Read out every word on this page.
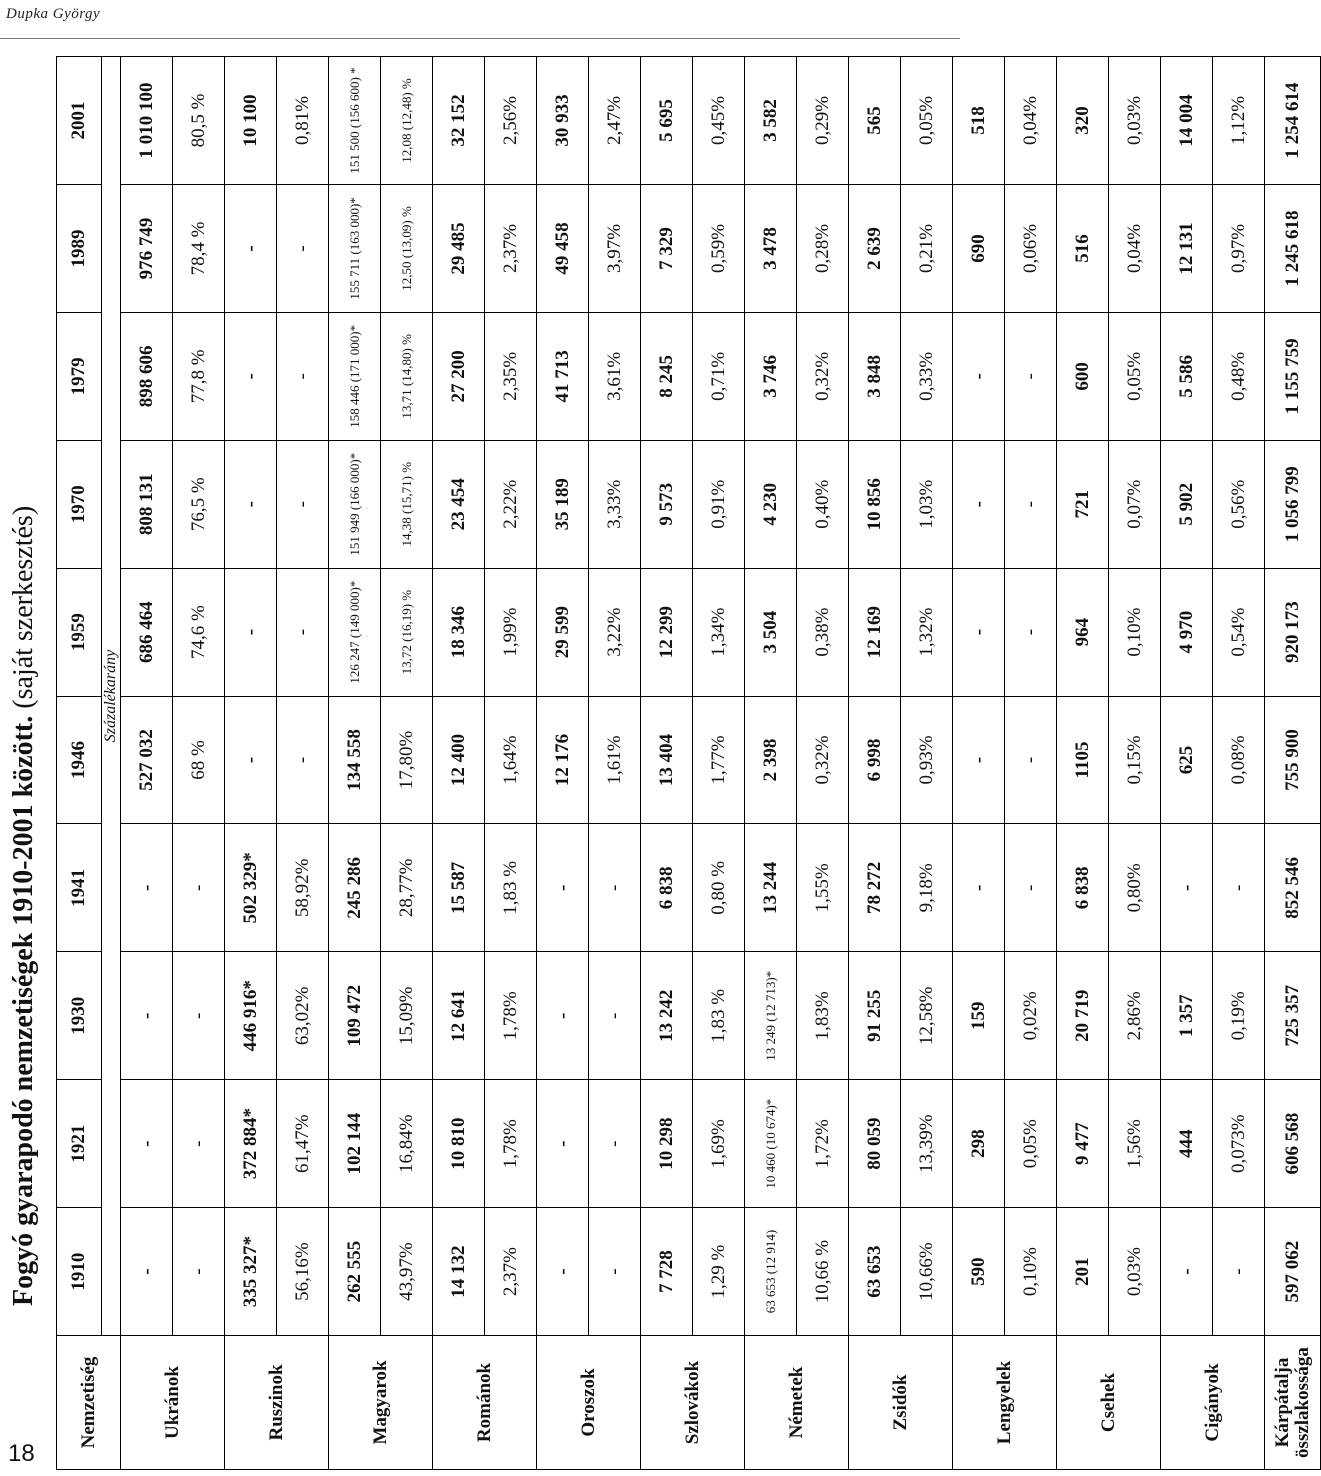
Dupka György
18
Fogyó gyarapodó nemzetiségek 1910-2001 között. (saját szerkesztés)
Nemzetiség	1910	1921	1930	1941	1946	1959	1970	1979	1989	2001
	Százalékarány									
Ukránok	-	-	-	-	527 032	686 464	808 131	898 606	976 749	1 010 100
	-	-	-	-	68 %	74,6 %	76,5 %	77,8 %	78,4 %	80,5 %
Ruszinok	335 327*	372 884*	446 916*	502 329*	-	-	-	-	-	10 100
	56,16%	61,47%	63,02%	58,92%	-	-	-	-	-	0,81%
Magyarok	262 555	102 144	109 472	245 286	134 558	126 247 (149 000)*	151 949 (166 000)*	158 446 (171 000)*	155 711 (163 000)*	151 500 (156 600) *
	43,97%	16,84%	15,09%	28,77%	17,80%	13,72 (16,19) %	14,38 (15,71) %	13,71 (14,80) %	12,50 (13,09) %	12,08 (12,48) %
Románok	14 132	10 810	12 641	15 587	12 400	18 346	23 454	27 200	29 485	32 152
	2,37%	1,78%	1,78%	1,83 %	1,64%	1,99%	2,22%	2,35%	2,37%	2,56%
Oroszok	-	-	-	-	12 176	29 599	35 189	41 713	49 458	30 933
	-	-	-	-	1,61%	3,22%	3,33%	3,61%	3,97%	2,47%
Szlovákok	7 728	10 298	13 242	6 838	13 404	12 299	9 573	8 245	7 329	5 695
	1,29 %	1,69%	1,83 %	0,80 %	1,77%	1,34%	0,91%	0,71%	0,59%	0,45%
Németek	63 653 (12 914)	10 460 (10 674)*	13 249 (12 713)*	13 244	2 398	3 504	4 230	3 746	3 478	3 582
	10,66 %	1,72%	1,83%	1,55%	0,32%	0,38%	0,40%	0,32%	0,28%	0,29%
Zsidók	63 653	80 059	91 255	78 272	6 998	12 169	10 856	3 848	2 639	565
	10,66%	13,39%	12,58%	9,18%	0,93%	1,32%	1,03%	0,33%	0,21%	0,05%
Lengyelek	590	298	159	-	-	-	-	-	690	518
	0,10%	0,05%	0,02%	-	-	-	-	-	0,06%	0,04%
Csehek	201	9 477	20 719	6 838	1105	964	721	600	516	320
	0,03%	1,56%	2,86%	0,80%	0,15%	0,10%	0,07%	0,05%	0,04%	0,03%
Cigányok	-	444	1 357	-	625	4 970	5 902	5 586	12 131	14 004
	-	0,073%	0,19%	-	0,08%	0,54%	0,56%	0,48%	0,97%	1,12%
Kárpátalja összlakossága	597 062	606 568	725 357	852 546	755 900	920 173	1 056 799	1 155 759	1 245 618	1 254 614
